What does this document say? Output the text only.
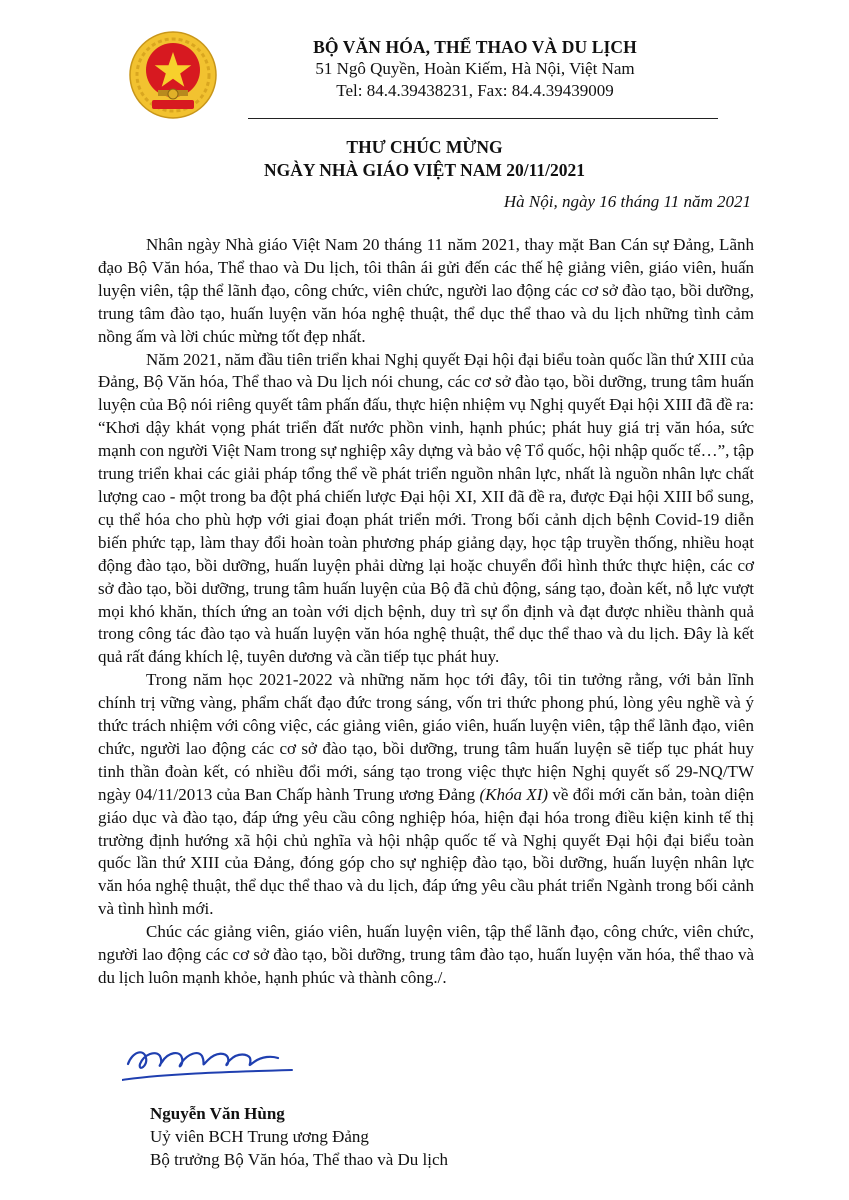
BỘ VĂN HÓA, THỂ THAO VÀ DU LỊCH
51 Ngô Quyền, Hoàn Kiếm, Hà Nội, Việt Nam
Tel: 84.4.39438231, Fax: 84.4.39439009
THƯ CHÚC MỪNG
NGÀY NHÀ GIÁO VIỆT NAM 20/11/2021
Hà Nội, ngày 16 tháng 11 năm 2021

Nhân ngày Nhà giáo Việt Nam 20 tháng 11 năm 2021, thay mặt Ban Cán sự Đảng, Lãnh đạo Bộ Văn hóa, Thể thao và Du lịch, tôi thân ái gửi đến các thế hệ giảng viên, giáo viên, huấn luyện viên, tập thể lãnh đạo, công chức, viên chức, người lao động các cơ sở đào tạo, bồi dưỡng, trung tâm đào tạo, huấn luyện văn hóa nghệ thuật, thể dục thể thao và du lịch những tình cảm nồng ấm và lời chúc mừng tốt đẹp nhất.

Năm 2021, năm đầu tiên triển khai Nghị quyết Đại hội đại biểu toàn quốc lần thứ XIII của Đảng, Bộ Văn hóa, Thể thao và Du lịch nói chung, các cơ sở đào tạo, bồi dưỡng, trung tâm huấn luyện của Bộ nói riêng quyết tâm phấn đấu, thực hiện nhiệm vụ Nghị quyết Đại hội XIII đã đề ra: “Khơi dậy khát vọng phát triển đất nước phồn vinh, hạnh phúc; phát huy giá trị văn hóa, sức mạnh con người Việt Nam trong sự nghiệp xây dựng và bảo vệ Tổ quốc, hội nhập quốc tế…”, tập trung triển khai các giải pháp tổng thể về phát triển nguồn nhân lực, nhất là nguồn nhân lực chất lượng cao - một trong ba đột phá chiến lược Đại hội XI, XII đã đề ra, được Đại hội XIII bổ sung, cụ thể hóa cho phù hợp với giai đoạn phát triển mới. Trong bối cảnh dịch bệnh Covid-19 diễn biến phức tạp, làm thay đổi hoàn toàn phương pháp giảng dạy, học tập truyền thống, nhiều hoạt động đào tạo, bồi dưỡng, huấn luyện phải dừng lại hoặc chuyển đổi hình thức thực hiện, các cơ sở đào tạo, bồi dưỡng, trung tâm huấn luyện của Bộ đã chủ động, sáng tạo, đoàn kết, nỗ lực vượt mọi khó khăn, thích ứng an toàn với dịch bệnh, duy trì sự ổn định và đạt được nhiều thành quả trong công tác đào tạo và huấn luyện văn hóa nghệ thuật, thể dục thể thao và du lịch. Đây là kết quả rất đáng khích lệ, tuyên dương và cần tiếp tục phát huy.

Trong năm học 2021-2022 và những năm học tới đây, tôi tin tưởng rằng, với bản lĩnh chính trị vững vàng, phẩm chất đạo đức trong sáng, vốn tri thức phong phú, lòng yêu nghề và ý thức trách nhiệm với công việc, các giảng viên, giáo viên, huấn luyện viên, tập thể lãnh đạo, viên chức, người lao động các cơ sở đào tạo, bồi dưỡng, trung tâm huấn luyện sẽ tiếp tục phát huy tinh thần đoàn kết, có nhiều đổi mới, sáng tạo trong việc thực hiện Nghị quyết số 29-NQ/TW ngày 04/11/2013 của Ban Chấp hành Trung ương Đảng (Khóa XI) về đổi mới căn bản, toàn diện giáo dục và đào tạo, đáp ứng yêu cầu công nghiệp hóa, hiện đại hóa trong điều kiện kinh tế thị trường định hướng xã hội chủ nghĩa và hội nhập quốc tế và Nghị quyết Đại hội đại biểu toàn quốc lần thứ XIII của Đảng, đóng góp cho sự nghiệp đào tạo, bồi dưỡng, huấn luyện nhân lực văn hóa nghệ thuật, thể dục thể thao và du lịch, đáp ứng yêu cầu phát triển Ngành trong bối cảnh và tình hình mới.

Chúc các giảng viên, giáo viên, huấn luyện viên, tập thể lãnh đạo, công chức, viên chức, người lao động các cơ sở đào tạo, bồi dưỡng, trung tâm đào tạo, huấn luyện văn hóa, thể thao và du lịch luôn mạnh khỏe, hạnh phúc và thành công./.

Nguyễn Văn Hùng
Uỷ viên BCH Trung ương Đảng
Bộ trưởng Bộ Văn hóa, Thể thao và Du lịch
